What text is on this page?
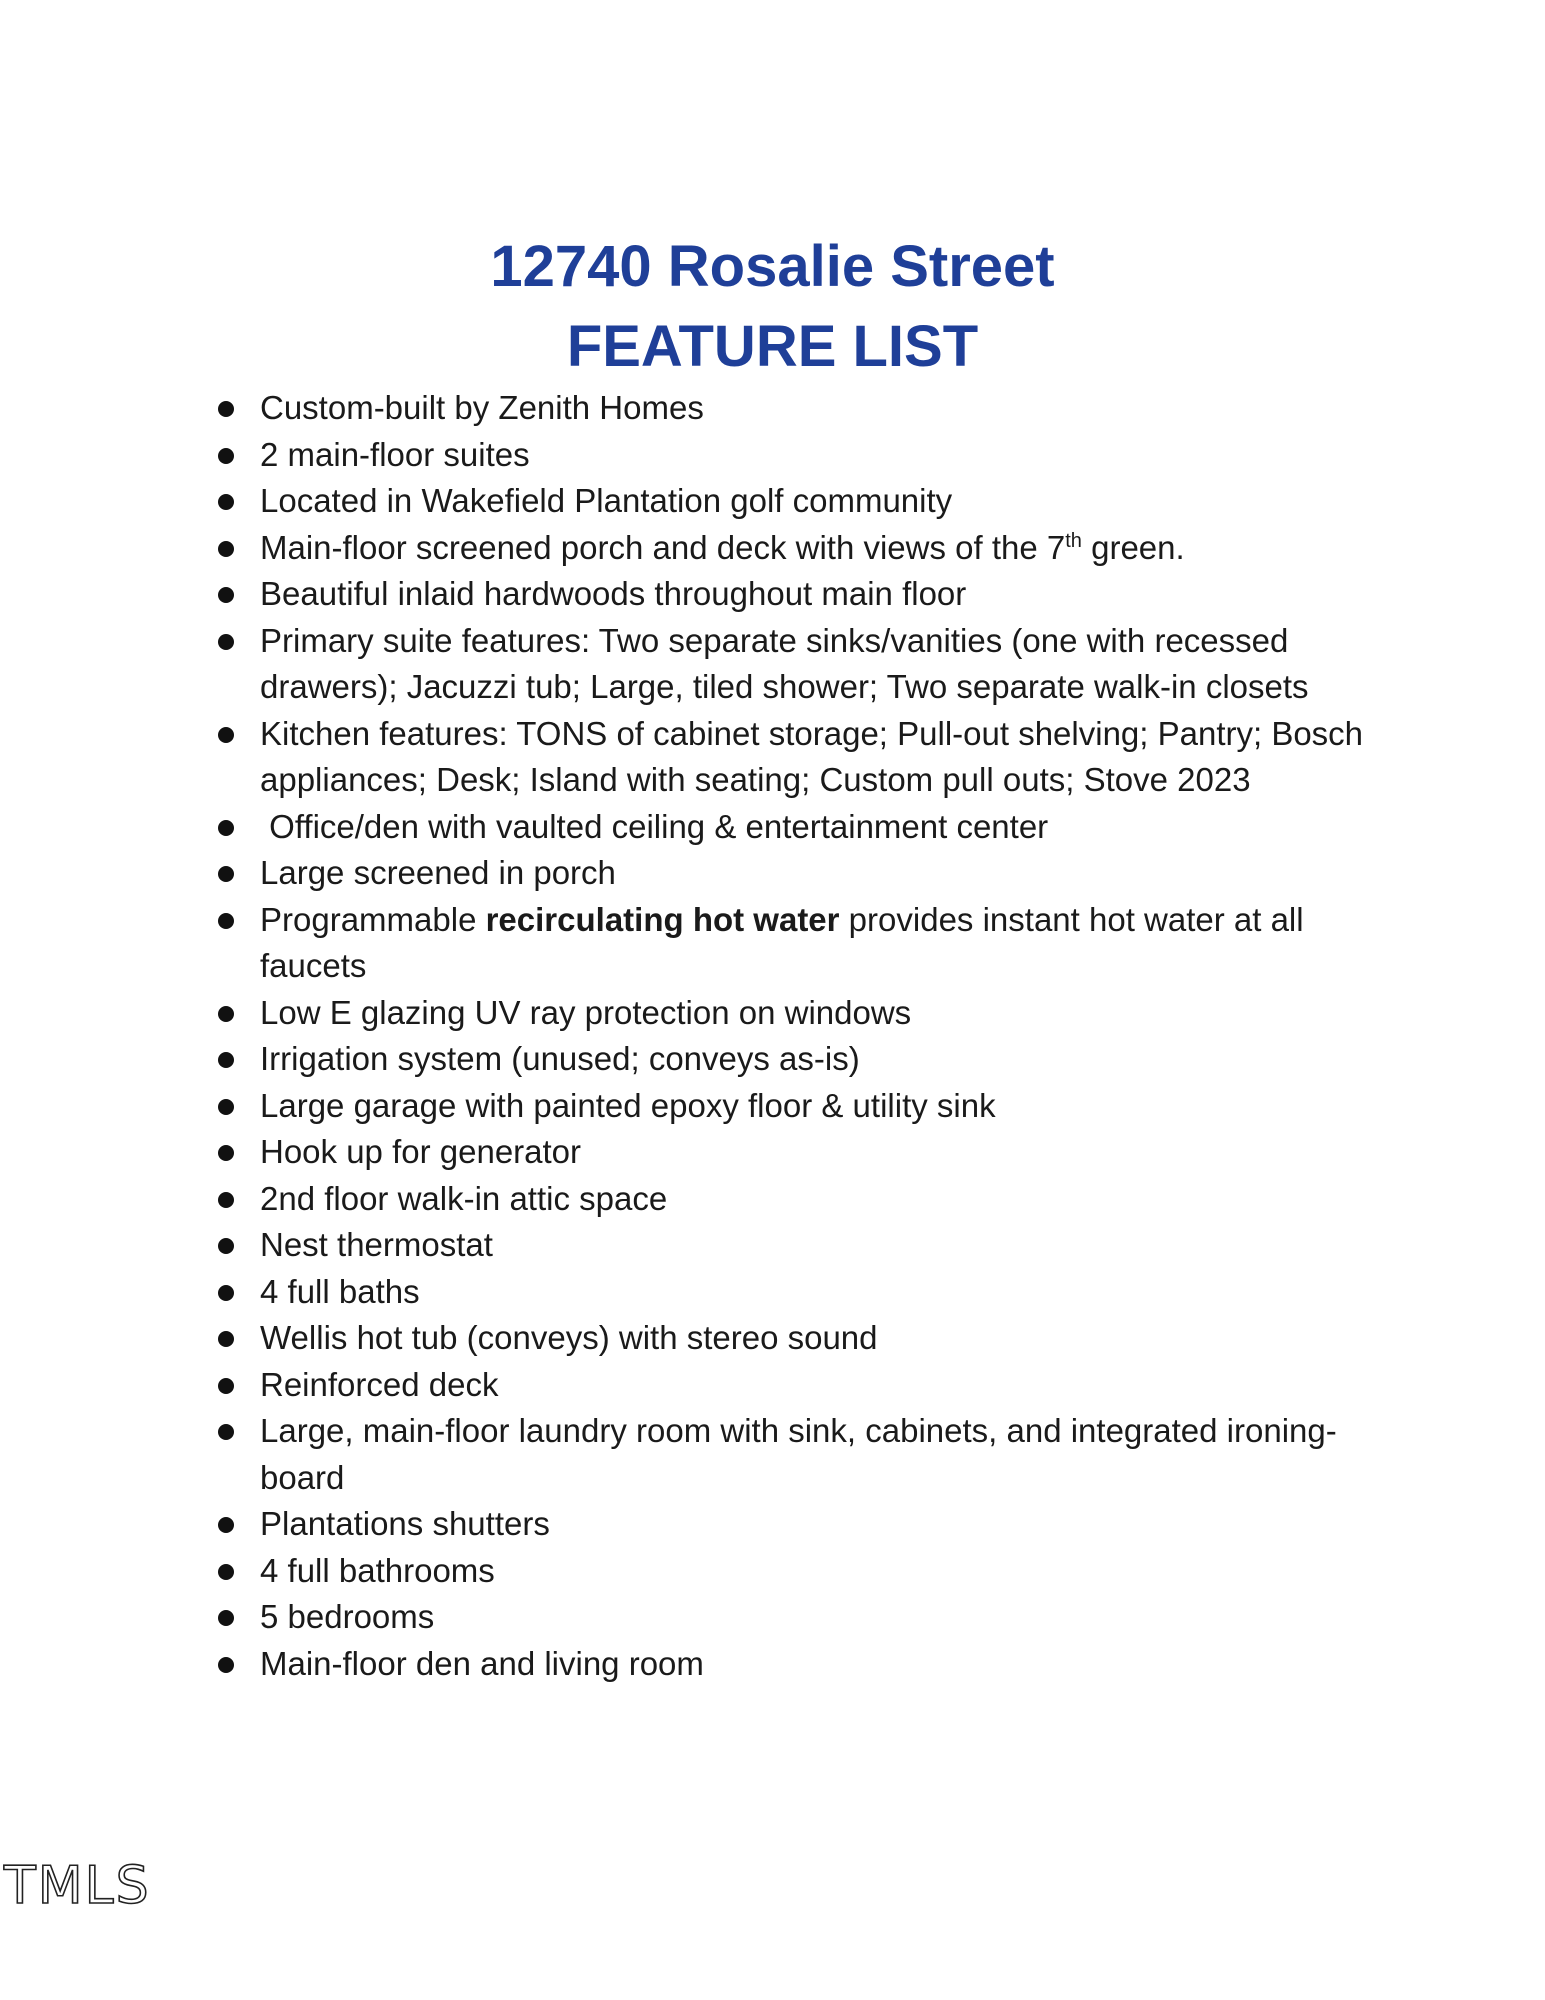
12740 Rosalie Street
FEATURE LIST
Custom-built by Zenith Homes
2 main-floor suites
Located in Wakefield Plantation golf community
Main-floor screened porch and deck with views of the 7th green.
Beautiful inlaid hardwoods throughout main floor
Primary suite features: Two separate sinks/vanities (one with recessed drawers); Jacuzzi tub; Large, tiled shower; Two separate walk-in closets
Kitchen features: TONS of cabinet storage; Pull-out shelving; Pantry; Bosch appliances; Desk; Island with seating; Custom pull outs; Stove 2023
Office/den with vaulted ceiling & entertainment center
Large screened in porch
Programmable recirculating hot water provides instant hot water at all faucets
Low E glazing UV ray protection on windows
Irrigation system (unused; conveys as-is)
Large garage with painted epoxy floor & utility sink
Hook up for generator
2nd floor walk-in attic space
Nest thermostat
4 full baths
Wellis hot tub (conveys) with stereo sound
Reinforced deck
Large, main-floor laundry room with sink, cabinets, and integrated ironing-board
Plantations shutters
4 full bathrooms
5 bedrooms
Main-floor den and living room
TMLS
